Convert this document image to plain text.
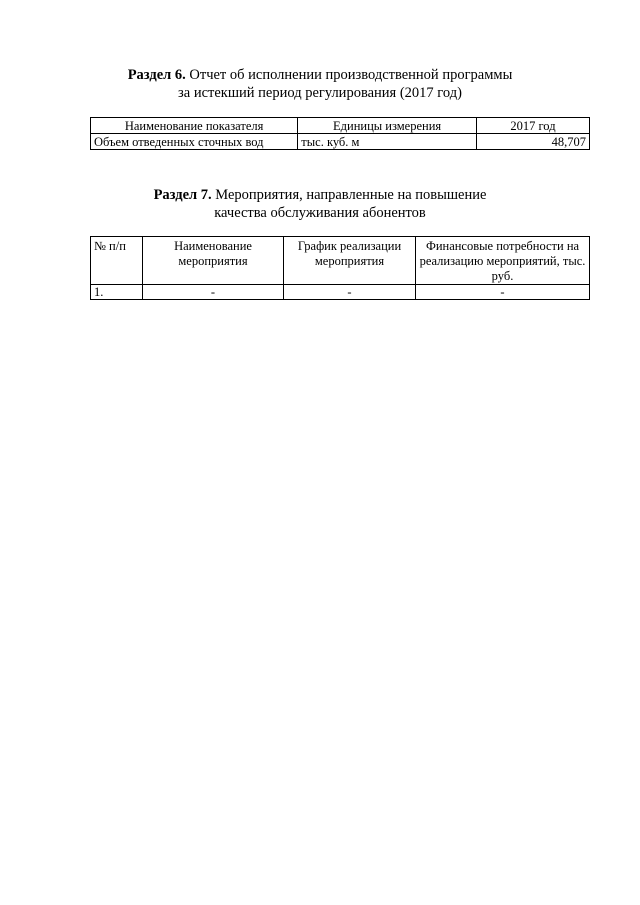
Раздел 6. Отчет об исполнении производственной программы
за истекший период регулирования (2017 год)
Наименование показателя	Единицы измерения	2017 год
Объем отведенных сточных вод	тыс. куб. м	48,707
Раздел 7. Мероприятия, направленные на повышение
качества обслуживания абонентов
№ п/п	Наименование мероприятия	График реализации мероприятия	Финансовые потребности на реализацию мероприятий, тыс. руб.
1.	-	-	-
